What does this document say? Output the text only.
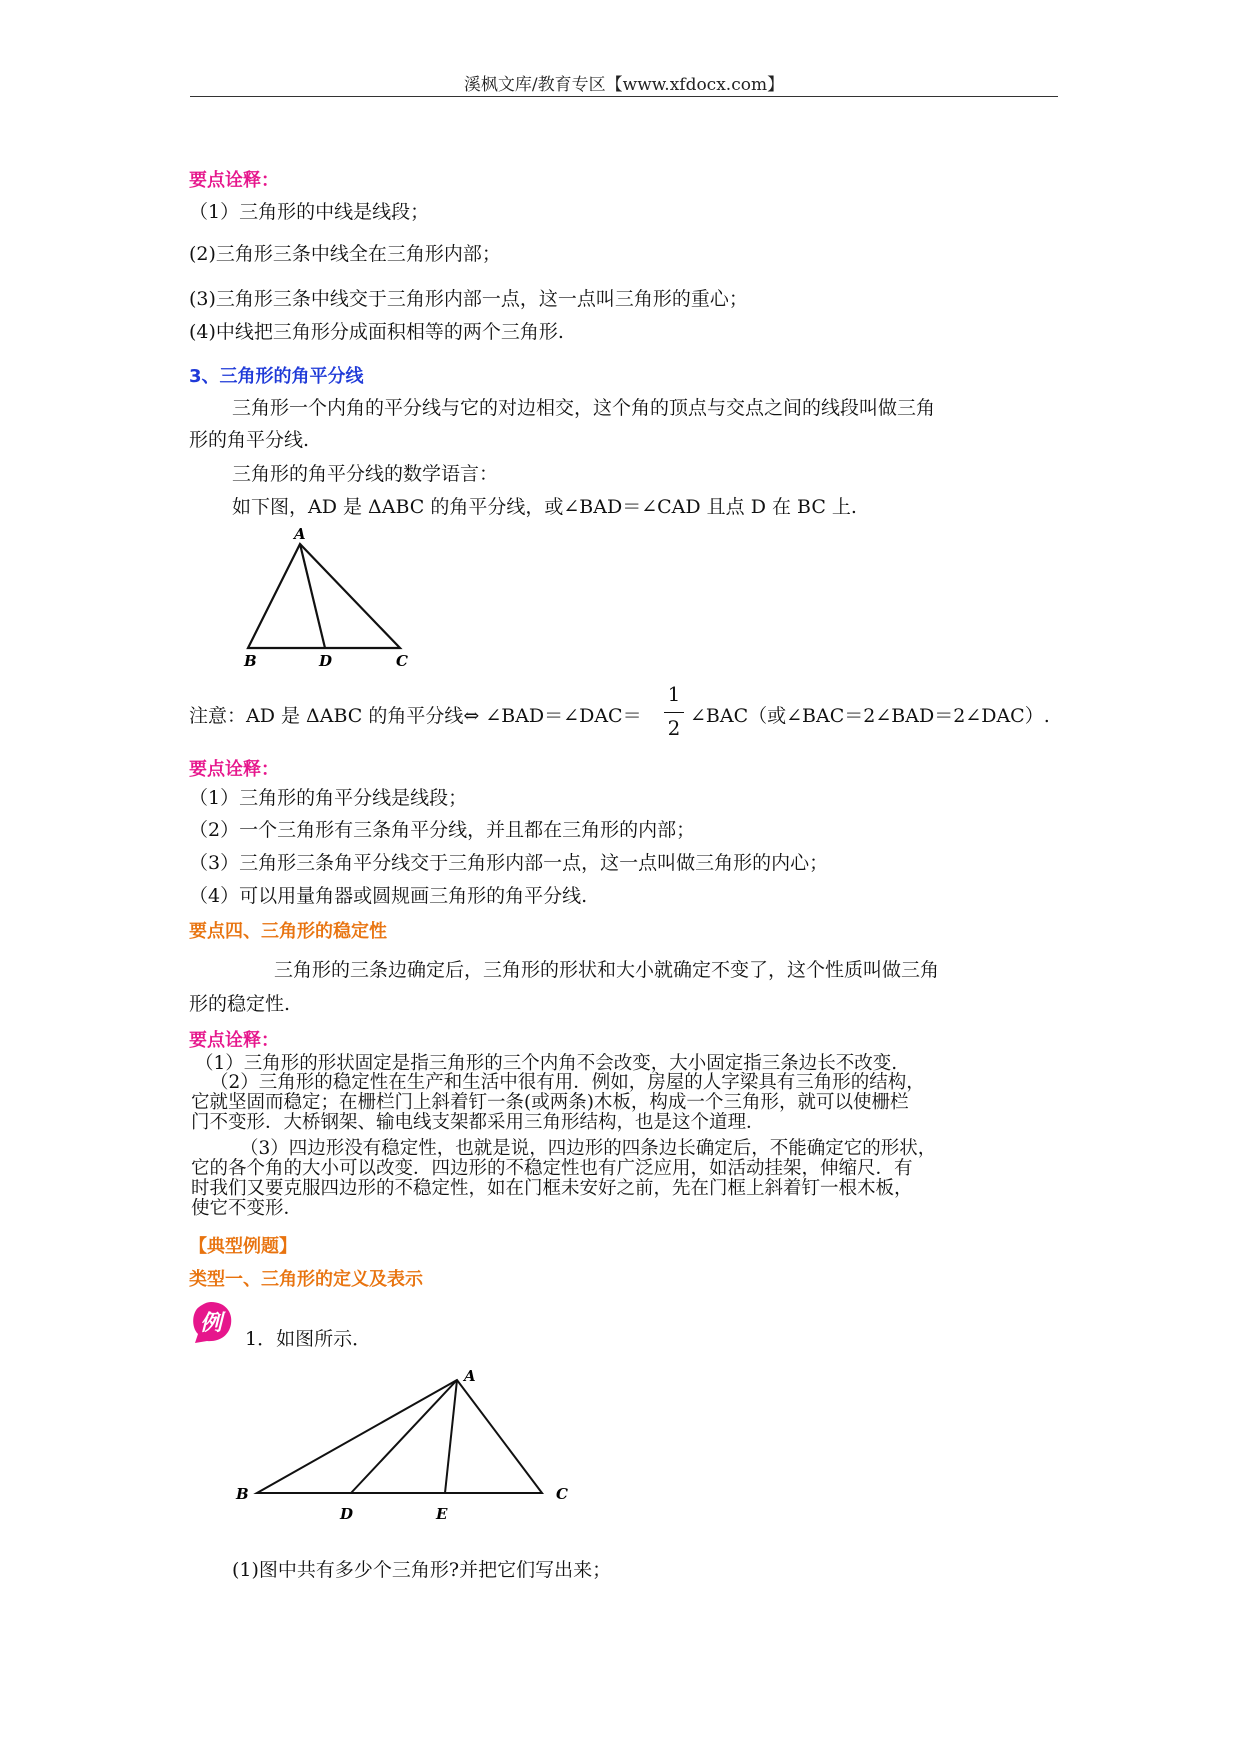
溪枫文库/教育专区【www.xfdocx.com】
要点诠释：
（1）三角形的中线是线段；
(2)三角形三条中线全在三角形内部；
(3)三角形三条中线交于三角形内部一点，这一点叫三角形的重心；
(4)中线把三角形分成面积相等的两个三角形.
3、三角形的角平分线
三角形一个内角的平分线与它的对边相交，这个角的顶点与交点之间的线段叫做三角
形的角平分线.
三角形的角平分线的数学语言：
如下图，AD 是 ΔABC 的角平分线，或∠BAD＝∠CAD 且点 D 在 BC 上.
A
B	D	C
注意：AD 是 ΔABC 的角平分线⇔ ∠BAD＝∠DAC＝
1
2 ∠BAC（或∠BAC＝2∠BAD＝2∠DAC）.
要点诠释：
（1）三角形的角平分线是线段；
（2）一个三角形有三条角平分线，并且都在三角形的内部；
（3）三角形三条角平分线交于三角形内部一点，这一点叫做三角形的内心；
（4）可以用量角器或圆规画三角形的角平分线.
要点四、三角形的稳定性
三角形的三条边确定后，三角形的形状和大小就确定不变了，这个性质叫做三角
形的稳定性.
要点诠释：
（1）三角形的形状固定是指三角形的三个内角不会改变，大小固定指三条边长不改变.
（2）三角形的稳定性在生产和生活中很有用．例如，房屋的人字梁具有三角形的结构，
它就坚固而稳定；在栅栏门上斜着钉一条(或两条)木板，构成一个三角形，就可以使栅栏
门不变形．大桥钢架、输电线支架都采用三角形结构，也是这个道理．
（3）四边形没有稳定性，也就是说，四边形的四条边长确定后，不能确定它的形状，
它的各个角的大小可以改变．四边形的不稳定性也有广泛应用，如活动挂架，伸缩尺．有
时我们又要克服四边形的不稳定性，如在门框未安好之前，先在门框上斜着钉一根木板，
使它不变形．
【典型例题】
类型一、三角形的定义及表示
例
1．如图所示．
A
B
D	E
C
(1)图中共有多少个三角形?并把它们写出来；
